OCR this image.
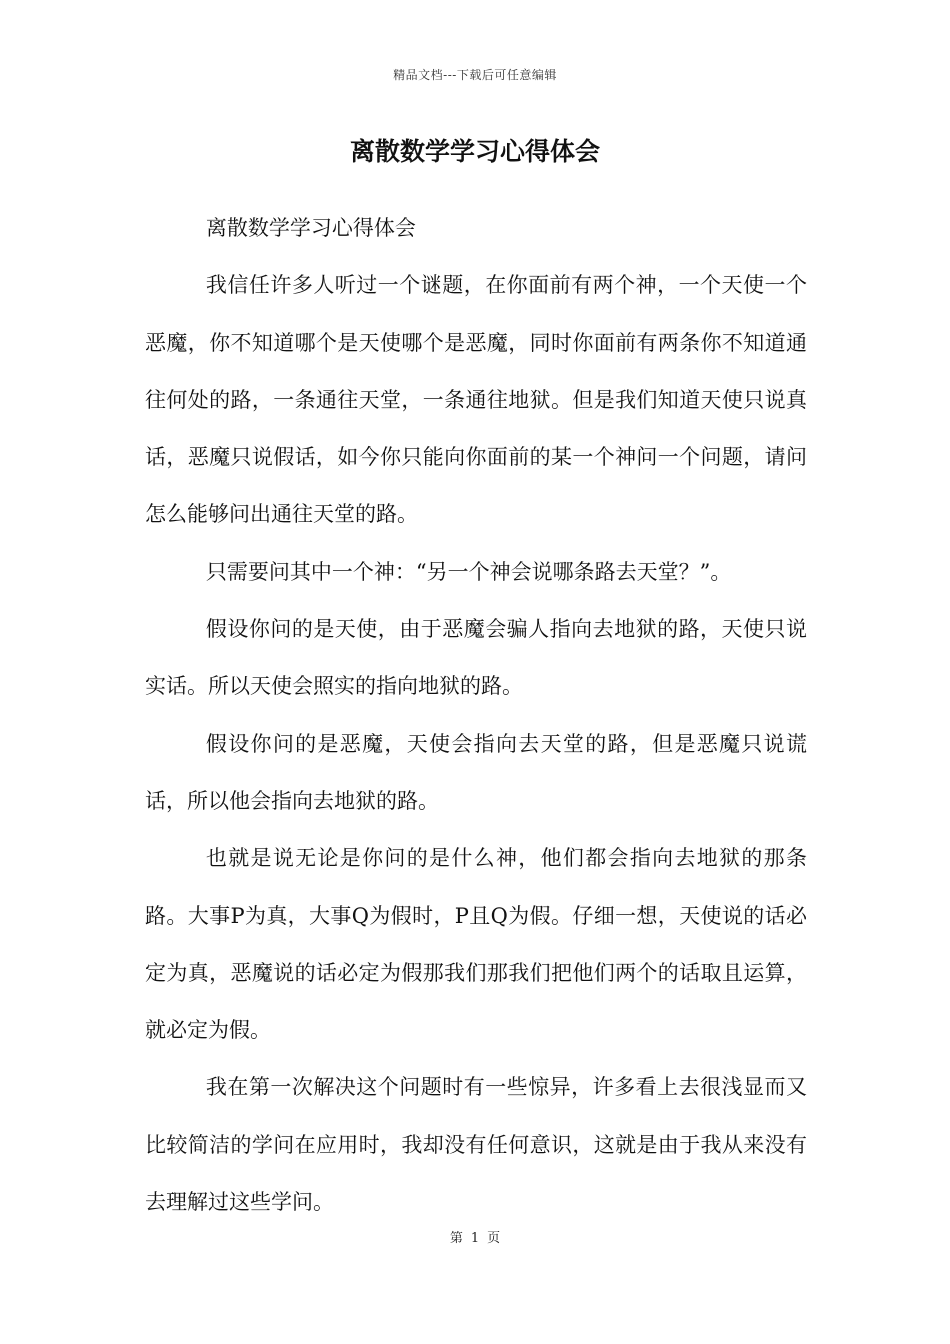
精品文档---下载后可任意编辑
离散数学学习心得体会

离散数学学习心得体会

我信任许多人听过一个谜题，在你面前有两个神，一个天使一个恶魔，你不知道哪个是天使哪个是恶魔，同时你面前有两条你不知道通往何处的路，一条通往天堂，一条通往地狱。但是我们知道天使只说真话，恶魔只说假话，如今你只能向你面前的某一个神问一个问题，请问怎么能够问出通往天堂的路。

只需要问其中一个神：“另一个神会说哪条路去天堂？”。

假设你问的是天使，由于恶魔会骗人指向去地狱的路，天使只说实话。所以天使会照实的指向地狱的路。

假设你问的是恶魔，天使会指向去天堂的路，但是恶魔只说谎话，所以他会指向去地狱的路。

也就是说无论是你问的是什么神，他们都会指向去地狱的那条路。大事P为真，大事Q为假时，P且Q为假。仔细一想，天使说的话必定为真，恶魔说的话必定为假那我们那我们把他们两个的话取且运算，就必定为假。

我在第一次解决这个问题时有一些惊异，许多看上去很浅显而又比较简洁的学问在应用时，我却没有任何意识，这就是由于我从来没有去理解过这些学问。

第 1 页
